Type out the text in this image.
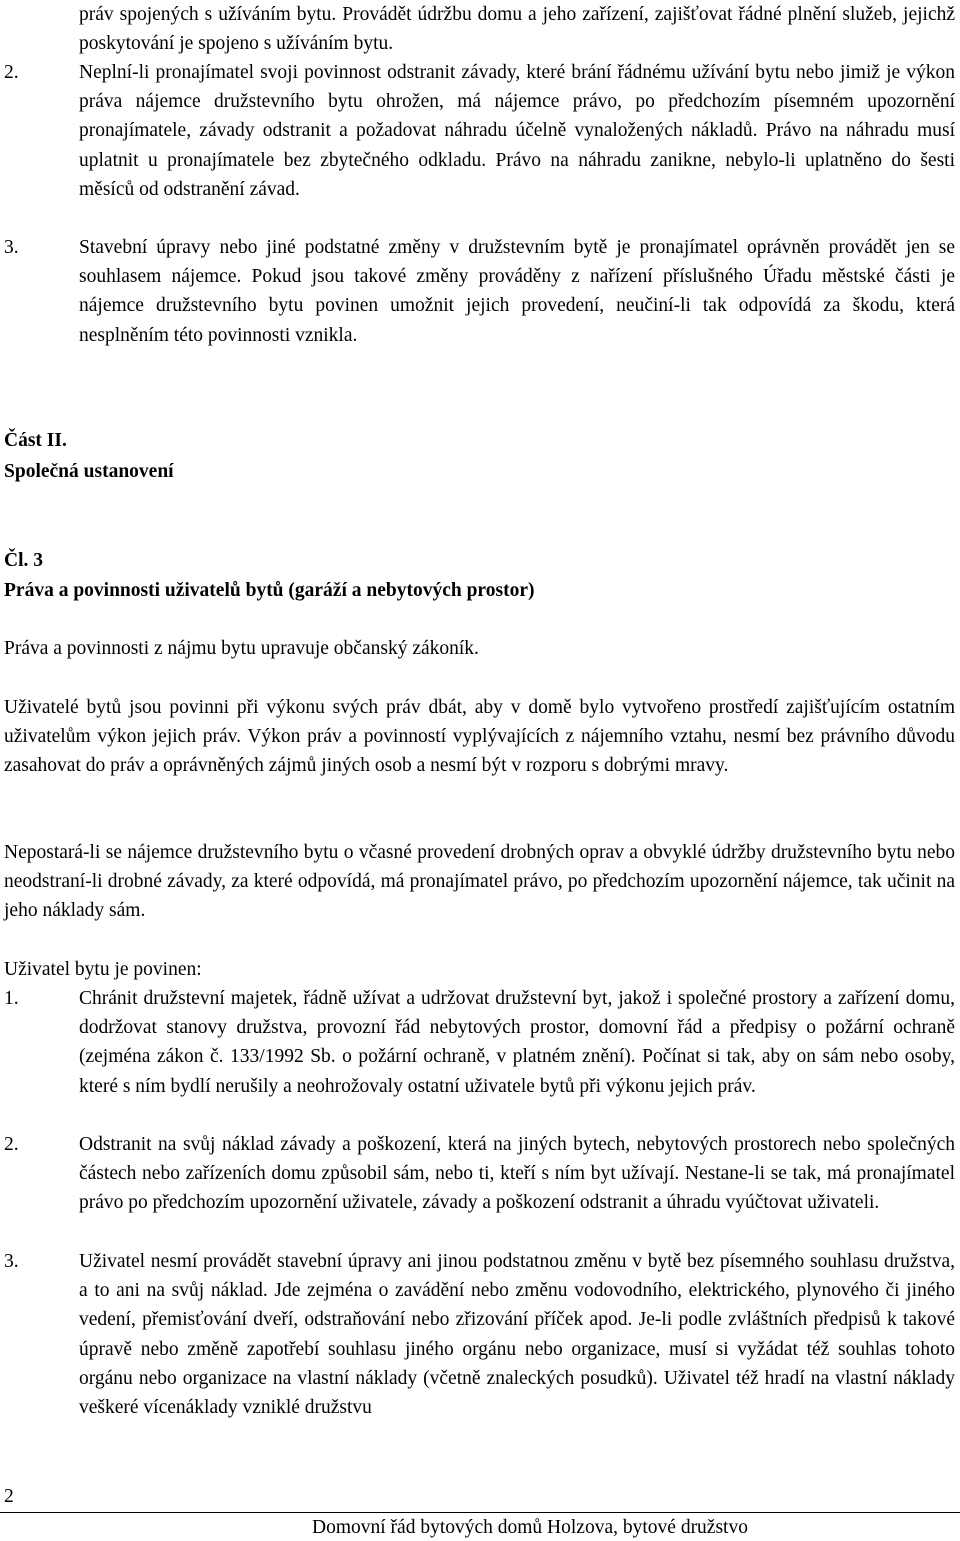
práv spojených s užíváním bytu. Provádět údržbu domu a jeho zařízení, zajišťovat řádné plnění služeb, jejichž poskytování je spojeno s užíváním bytu.

2.	Neplní-li pronajímatel svoji povinnost odstranit závady, které brání řádnému užívání bytu nebo jimiž je výkon práva nájemce družstevního bytu ohrožen, má nájemce právo, po předchozím písemném upozornění pronajímatele, závady odstranit a požadovat náhradu účelně vynaložených nákladů. Právo na náhradu musí uplatnit u pronajímatele bez zbytečného odkladu. Právo na náhradu zanikne, nebylo-li uplatněno do šesti měsíců od odstranění závad.
3.	Stavební úpravy nebo jiné podstatné změny v družstevním bytě je pronajímatel oprávněn provádět jen se souhlasem nájemce. Pokud jsou takové změny prováděny z nařízení příslušného Úřadu městské části je nájemce družstevního bytu povinen umožnit jejich provedení, neučiní-li tak odpovídá za škodu, která nesplněním této povinnosti vznikla.
Část II.
Společná ustanovení
Čl. 3
Práva a povinnosti uživatelů bytů (garáží a nebytových prostor)

Práva a povinnosti z nájmu bytu upravuje občanský zákoník.

Uživatelé bytů jsou povinni při výkonu svých práv dbát, aby v domě bylo vytvořeno prostředí zajišťujícím ostatním uživatelům výkon jejich práv. Výkon práv a povinností vyplývajících z nájemního vztahu, nesmí bez právního důvodu zasahovat do práv a oprávněných zájmů jiných osob a nesmí být v rozporu s dobrými mravy.

Nepostará-li se nájemce družstevního bytu o včasné provedení drobných oprav a obvyklé údržby družstevního bytu nebo neodstraní-li drobné závady, za které odpovídá, má pronajímatel právo, po předchozím upozornění nájemce, tak učinit na jeho náklady sám.

Uživatel bytu je povinen:

1.	Chránit družstevní majetek, řádně užívat a udržovat družstevní byt, jakož i společné prostory a zařízení domu, dodržovat stanovy družstva, provozní řád nebytových prostor, domovní řád a předpisy o požární ochraně (zejména zákon č. 133/1992 Sb. o požární ochraně, v platném znění). Počínat si tak, aby on sám nebo osoby, které s ním bydlí nerušily a neohrožovaly ostatní uživatele bytů při výkonu jejich práv.
2.	Odstranit na svůj náklad závady a poškození, která na jiných bytech, nebytových prostorech nebo společných částech nebo zařízeních domu způsobil sám, nebo ti, kteří s ním byt užívají. Nestane-li se tak, má pronajímatel právo po předchozím upozornění uživatele, závady a poškození odstranit a úhradu vyúčtovat uživateli.
3.	Uživatel nesmí provádět stavební úpravy ani jinou podstatnou změnu v bytě bez písemného souhlasu družstva, a to ani na svůj náklad. Jde zejména o zavádění nebo změnu vodovodního, elektrického, plynového či jiného vedení, přemisťování dveří, odstraňování nebo zřizování příček apod. Je-li podle zvláštních předpisů k takové úpravě nebo změně zapotřebí souhlasu jiného orgánu nebo organizace, musí si vyžádat též souhlas tohoto orgánu nebo organizace na vlastní náklady (včetně znaleckých posudků). Uživatel též hradí na vlastní náklady veškeré vícenáklady vzniklé družstvu
2
Domovní řád bytových domů Holzova, bytové družstvo
